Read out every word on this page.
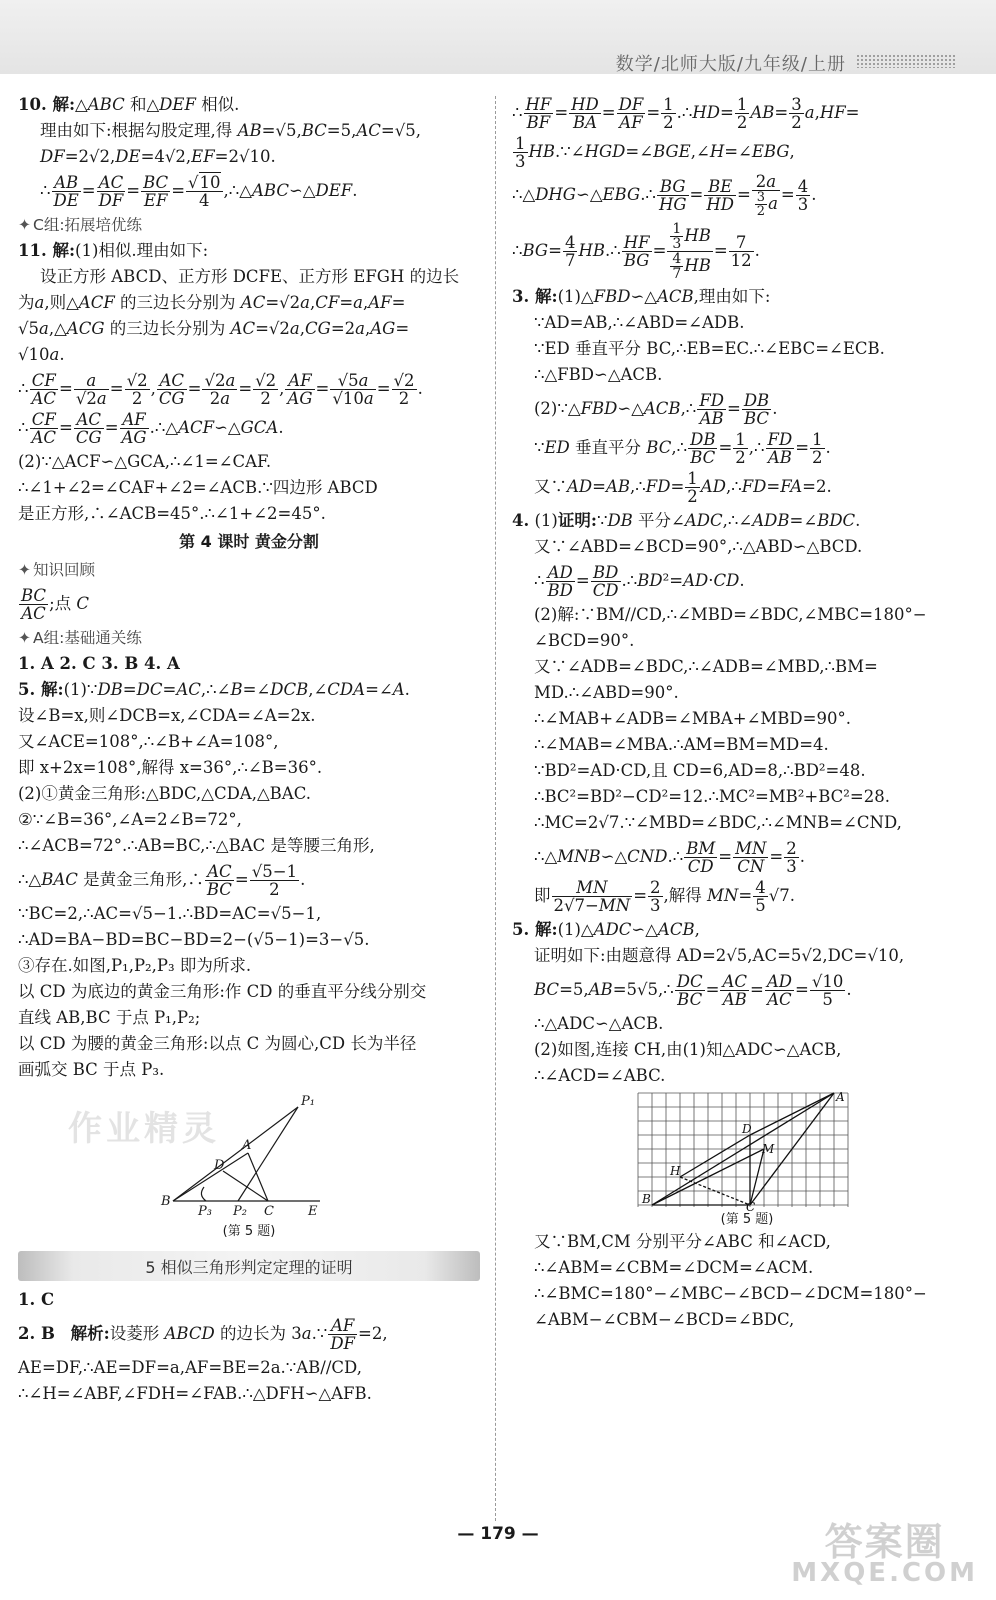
数学/北师大版/九年级/上册
10. 解:△ABC 和△DEF 相似.
理由如下:根据勾股定理,得 AB=√5,BC=5,AC=√5,
DF=2√2,DE=4√2,EF=2√10.
∴ $\frac{AB}{DE} = \frac{AC}{DF} = \frac{BC}{EF} = \frac{√10}{4}$ ,∴△ABC∽△DEF.
✦ C组:拓展培优练
11. 解:(1)相似.理由如下:
设正方形 ABCD、正方形 DCFE、正方形 EFGH 的边长
为a,则△ACF 的三边长分别为 AC=√2a,CF=a,AF=
√5a,△ACG 的三边长分别为 AC=√2a,CG=2a,AG=
√10a.
∴ $\frac{CF}{AC} = \frac{a}{√2a} = \frac{√2}{2}$ , $\frac{AC}{CG} = \frac{√2a}{2a} = \frac{√2}{2}$ , $\frac{AF}{AG} = \frac{√5a}{√10a} = \frac{√2}{2}$ .
∴ $\frac{CF}{AC} = \frac{AC}{CG} = \frac{AF}{AG}$ .∴△ACF∽△GCA.
(2)∵△ACF∽△GCA,∴∠1=∠CAF.
∴∠1+∠2=∠CAF+∠2=∠ACB.∵四边形 ABCD
是正方形,∴∠ACB=45°.∴∠1+∠2=45°.
第 4 课时 黄金分割
✦ 知识回顾
$\frac{BC}{AC}$ ;点 C
✦ A组:基础通关练
1. A 2. C 3. B 4. A
5. 解:(1)∵DB=DC=AC,∴∠B=∠DCB,∠CDA=∠A.
设∠B=x,则∠DCB=x,∠CDA=∠A=2x.
又∠ACE=108°,∴∠B+∠A=108°,
即 x+2x=108°,解得 x=36°,∴∠B=36°.
(2)①黄金三角形:△BDC,△CDA,△BAC.
②∵∠B=36°,∠A=2∠B=72°,
∴∠ACB=72°.∴AB=BC,∴△BAC 是等腰三角形,
∴△BAC 是黄金三角形,∴ $\frac{AC}{BC} = \frac{√5-1}{2}$ .
∵BC=2,∴AC=√5−1.∴BD=AC=√5−1,
∴AD=BA−BD=BC−BD=2−(√5−1)=3−√5.
③存在.如图,P₁,P₂,P₃ 即为所求.
以 CD 为底边的黄金三角形:作 CD 的垂直平分线分别交
直线 AB,BC 于点 P₁,P₂;
以 CD 为腰的黄金三角形:以点 C 为圆心,CD 长为半径
画弧交 BC 于点 P₃.
作业精灵
P₁
A
D
B
P₃ P₂ C	E
(第 5 题)
5 相似三角形判定定理的证明
1. C
2. B 解析:设菱形 ABCD 的边长为 3a.∵ $\frac{AF}{DF} =2$,
AE=DF,∴AE=DF=a,AF=BE=2a.∵AB//CD,
∴∠H=∠ABF,∠FDH=∠FAB.∴△DFH∽△AFB.
∴ $\frac{HF}{BF} = \frac{HD}{BA} = \frac{DF}{AF} = \frac{1}{2}$ .∴HD= $\frac{1}{2} AB= \frac{3}{2} a,HF=$
$\frac{1}{3}$ HB.∵∠HGD=∠BGE,∠H=∠EBG,
∴△DHG∽△EBG.∴ $\frac{BG}{HG} = \frac{BE}{HD} = \frac{2a}{\frac{3}{2} a} = \frac{4}{3}$ .
∴BG= $\frac{4}{7}$ HB.∴ $\frac{HF}{BG} = \frac{\frac{1}{3} HB}{\frac{4}{7} HB} = \frac{7}{12}$ .
3. 解:(1)△FBD∽△ACB,理由如下:
∵AD=AB,∴∠ABD=∠ADB.
∵ED 垂直平分 BC,∴EB=EC.∴∠EBC=∠ECB.
∴△FBD∽△ACB.
(2)∵△FBD∽△ACB,∴ $\frac{FD}{AB} = \frac{DB}{BC}$ .
∵ED 垂直平分 BC,∴ $\frac{DB}{BC} = \frac{1}{2}$ ,∴ $\frac{FD}{AB} = \frac{1}{2}$ .
又∵AD=AB,∴FD= $\frac{1}{2}$ AD,∴FD=FA=2.
4. (1)证明:∵DB 平分∠ADC,∴∠ADB=∠BDC.
又∵∠ABD=∠BCD=90°,∴△ABD∽△BCD.
∴ $\frac{AD}{BD} = \frac{BD}{CD}$ .∴BD²=AD·CD.
(2)解:∵BM//CD,∴∠MBD=∠BDC,∠MBC=180°−
∠BCD=90°.
又∵∠ADB=∠BDC,∴∠ADB=∠MBD,∴BM=
MD.∴∠ABD=90°.
∴∠MAB+∠ADB=∠MBA+∠MBD=90°.
∴∠MAB=∠MBA.∴AM=BM=MD=4.
∵BD²=AD·CD,且 CD=6,AD=8,∴BD²=48.
∴BC²=BD²−CD²=12.∴MC²=MB²+BC²=28.
∴MC=2√7.∵∠MBD=∠BDC,∴∠MNB=∠CND,
∴△MNB∽△CND.∴ $\frac{BM}{CD} = \frac{MN}{CN} = \frac{2}{3}$ .
即 $\frac{MN}{2√7-MN} = \frac{2}{3}$ ,解得 $MN= \frac{4}{5} √7$.
5. 解:(1)△ADC∽△ACB,
证明如下:由题意得 AD=2√5,AC=5√2,DC=√10,
BC=5,AB=5√5,∴ $\frac{DC}{BC} = \frac{AC}{AB} = \frac{AD}{AC} = \frac{√10}{5}$ .
∴△ADC∽△ACB.
(2)如图,连接 CH,由(1)知△ADC∽△ACB,
∴∠ACD=∠ABC.
A
D
M
H
B
C
(第 5 题)
又∵BM,CM 分别平分∠ABC 和∠ACD,
∴∠ABM=∠CBM=∠DCM=∠ACM.
∴∠BMC=180°−∠MBC−∠BCD−∠DCM=180°−
∠ABM−∠CBM−∠BCD=∠BDC,
— 179 —	答案圈
MXQE.COM
